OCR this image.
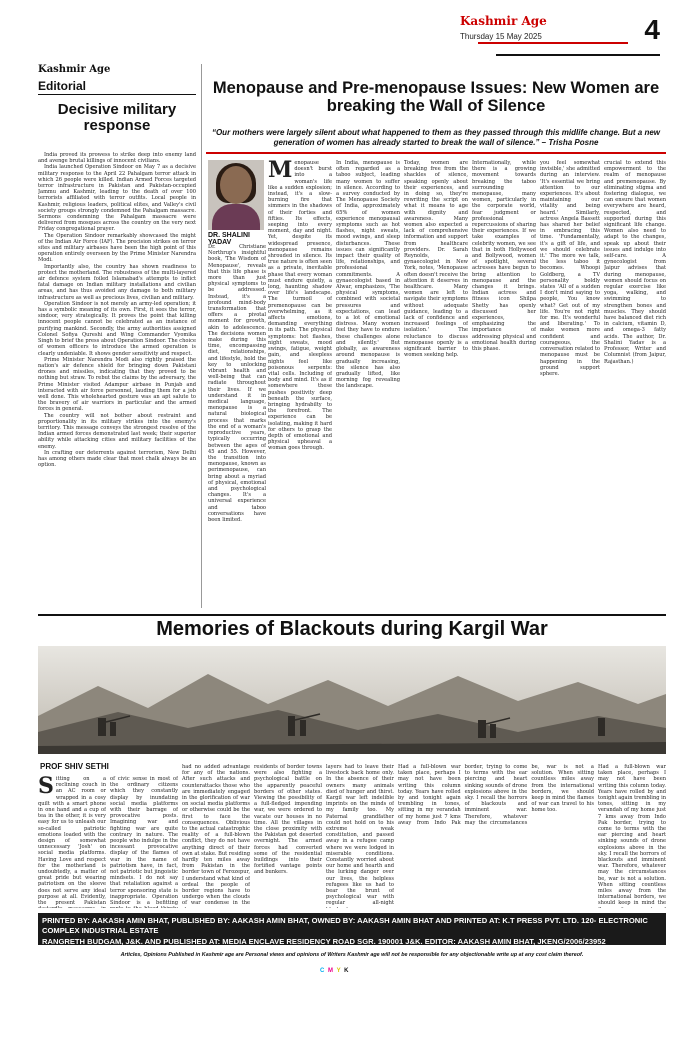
Kashmir Age
Thursday 15 May 2025	4
Kashmir Age
Editorial
Decisive military response

India proved its prowess to strike deep into enemy land and avenge brutal killings of innocent civilians.

India launched Operation Sindoor on May 7 as a decisive military response to the April 22 Pahalgam terror attack in which 26 people were killed. Indian Armed Forces targeted terror infrastructure in Pakistan and Pakistan-occupied Jammu and Kashmir, leading to the death of over 100 terrorists affiliated with terror outfits. Local people in Kashmir, religious leaders, political elites, and Valley's civil society groups strongly condemned the Pahalgam massacre. Sermons condemning the Pahalgam massacre were delivered from mosques across the country on the very next Friday congregational prayer.

The Operation Sindoor remarkably showcased the might of the Indian Air Force (IAF). The precision strikes on terror sites and military airbases have been the high point of this operation entirely overseen by the Prime Minister Narendra Modi.

Importantly also, the country has shown readiness to protect the motherland. The robustness of the multi-layered air defence system foiled Islamabad's attempts to inflict fatal damage on Indian military installations and civilian areas, and has thus avoided any damage to both military infrastructure as well as precious lives, civilian and military.

Operation Sindoor is not merely an army-led operation; it has a symbolic meaning of its own. First, it sees the terror, sindoor, very strategically. It proves the point that killing innocent people cannot be celebrated as an instance of purifying mankind. Secondly, the army authorities assigned Colonel Sofiya Qureshi and Wing Commander Vyomika Singh to brief the press about Operation Sindoor. The choice of women officers to introduce the armed operation is clearly undeniable. It shows gender sensitivity and respect.

Prime Minister Narendra Modi also rightly praised the nation's air defence shield for bringing down Pakistani drones and missiles, indicating that they proved to be nothing but straw. To rebut the claims by the adversary, the Prime Minister visited Adampur airbase in Punjab and interacted with air force personnel, lauding them for a job well done. This wholehearted gesture was an apt salute to the bravery of air warriors in particular and the armed forces in general.

The country will not bother about restraint and proportionality in its military strikes into the enemy's territory. This message conveys the strongest resolve of the Indian armed forces demonstrated last week; their superior ability while attacking cities and military facilities of the enemy.

In crafting our deterrents against terrorism, New Delhi has among others made clear that most chalk always be an option.

Menopause and Pre-menopause Issues: New Women are breaking the Wall of Silence
“Our mothers were largely silent about what happened to them as they passed through this midlife change. But a new generation of women has already started to break the wall of silence.” – Trisha Posne
DR. SHALINI YADAV
Menopause doesn't burst into a woman's life like a sudden explosion; instead, it's a slow-burning fire that simmers in the shadows of their forties and fifties. Its effects, seeping into every moment, day and night. Yet, despite its widespread presence, menopause remains shrouded in silence. Its true nature is often seen as a private, inevitable phase that every woman must endure quietly, a long, haunting shadow over life's landscape. The turmoil of premenopause can be overwhelming, as it affects emotions, demanding everything in its path. The physical symptoms: hot flashes, night sweats, mood swings, fatigue, weight gain, and sleepless nights feel like poisonous serpents: vital cells. Including of body and mind. It's as if somewhere these pushes positivity deep beneath the surface, bringing hydrabilty to the forefront. The experience can be isolating, making it hard for others to grasp the depth of emotional and physical upheaval a woman goes through.
Dr. Christiane Northrup's insightful book, 'The Wisdom of Menopause', reveals that this life phase is more than just physical symptoms to be addressed. Instead, it's a profound mind-body transformation that offers a pivotal moment for growth, akin to adolescence. The decisions women make during this time, encompassing diet, relationships, and lifestyle, hold the key to unlocking vibrant health and well-being that can radiate throughout their lives. If we understand it in medical language, menopause is a natural biological process that marks the end of a woman's reproductive years, typically occurring between the ages of 45 and 55. However, the transition into menopause, known as perimenopause, can bring about a myriad of physical, emotional and psychological changes. It's a universal experience and taboo conversations have been limited.
In India, menopause is often regarded as a taboo subject, leading many women to suffer in silence. According to a survey conducted by The Menopause Society of India, approximately 65% of women experience menopausal symptoms such as hot flashes, night sweats, mood swings, and sleep disturbances. These issues can significantly impact their quality of life, relationships, and professional commitments. A gynaecologist based in Alwar, emphasizes, 'The physical symptoms, combined with societal pressures and expectations, can lead to a lot of emotional distress. Many women feel they have to endure these challenges alone and silently.' But globally, as awareness around menopause is gradually increasing, the silence has also gradually lifted, like morning fog revealing the landscape.
Today, women are breaking free from the shackles of silence, speaking openly about their experiences, and in doing so, they're rewriting the script on what it means to age with dignity and awareness. Many women also expected a lack of comprehensive information and support from healthcare providers. Dr. Sarah Reynolds, a gynaecologist in New York, notes, 'Menopause often doesn't receive the attention it deserves in healthcare. Many women are left to navigate their symptoms without adequate guidance, leading to a lack of confidence and increased feelings of isolation.' The reluctance to discuss menopause openly is a significant barrier to women seeking help.
Internationally, while there is a growing movement towards breaking the taboo surrounding menopause, many women, particularly in the corporate world, fear judgment or professional repercussions of sharing their experiences. If we take examples of celebrity women, we see that in both Hollywood and Bollywood, women of spotlight, several actresses have begun to bring attention to menopause and the changes it brings. Indian actress and fitness icon Shilpa Shetty has openly discussed her experiences, emphasizing the importance of addressing physical and emotional health during this phase.
you feel somewhat invisible,' she admitted during an interview. 'It's essential we bring attention to our experiences. It's about maintaining our vitality and being heard.' Similarly, actress Angela Bassett has shared her belief in embracing this time. 'Fundamentally, it's a gift of life, and we should celebrate it.' The more we talk, the less taboo it becomes. Whoopi Goldberg, a TV personality boldly states 'All of a sudden I don't mind saying to people, You know what? Get out of my life. You're not right for me. It's wonderful and liberating.' To make women more confident and courageous, the conversation related to menopause must be happening in the ground support sphere.
crucial to extend this empowerment to the realm of menopause and premenopause. By eliminating stigma and fostering dialogue, we can ensure that women everywhere are heard, respected, and supported during this significant life change. Women also need to adapt to the changes, speak up about their issues and indulge into self-care. A gynecologist from Jaipur advises that during menopause, women should focus on regular exercise like yoga, walking, and swimming to strengthen bones and muscles. They should have balanced diet rich in calcium, vitamin D, and omega-3 fatty acids. The author, Dr. Shalini Yadav is a Professor, Writer and Columnist (from Jaipur, Rajasthan.)
Memories of Blackouts during Kargil War
PROF SHIV SETHI
Sitting on a reclining couch in an AC room or wrapped in a cosy quilt with a smart phone in one hand and a cup of tea in the other, it is very easy for us to unleash our so-called patriotic emotions loaded with the design of somewhat unnecessary 'Josh' on social media platforms. Having Love and respect for the motherland is undoubtedly, a matter of great pride but wearing patriotism on the sleeve does not serve any ideal purpose at all. Evidently, the present Pakistan
of civic sense in most of the ordinary citizens which they constantly display by inundating social media platforms with their barrage of provocative posts. Imagining war and fighting war are quite contrary in nature. The people who indulge in the incessant provocative display of the flames of war in the name of patriotism have, in fact, not patriotic but jingoistic mindsets. I do not say that retaliation against a terror sponsoring state is inappropriate. Operation Sindoor is a befitting
had no added advantage for any of the nations. After such attacks and counterattacks those who are immediately engaged in the glorification of war on social media platforms or otherwise could be the first to face the consequences. Oblivious to the actual catastrophic reality of a full-blown conflict, they do not have anything direct of their own at stake. But residing hardly ten miles away from Pakistan in the border town of Ferozepur, I understand what kind of ordeal the people of border regions have to undergo when the clouds of war condense in the
residents of border towns were also fighting a psychological battle on the apparently peaceful borders of other states. Viewing the possibility of a full-fledged impending war, we were ordered to vacate our houses in no time. All the villages in the close proximity with the Pakistan got deserted overnight. The armed forces had converted some of the residential buildings into their fortified vantage points and bunkers.
layers had to leave their livestock back home only. In the absence of their owners many animals died of hunger and thirst. Kargil war left indelible imprints on the minds of my family too. My Paternal grandfather could not hold on to his extreme weak constitution, and passed away in a refugee camp where we were lodged in miserable conditions. Constantly worried about our home and hearth and the lurking danger over our lives, the helpless refugees like us had to bear the brunt of psychological war with regular all-night
Had a full-blown war taken place, perhaps I may not have been writing this column today. Years have rolled by and tonight again trembling in tones, sitting in my verandah of my home just 7 kms away from Indo Pak border, trying to come to terms with the ear piercing and heart sinking sounds of drone explosions above in the sky. I recall the horrors of blackouts and imminent war. Therefore, whatever may the circumstances be, war is not a solution. When sitting countless miles away from the international borders, we should keep in mind the flames of war can travel to his home too.
Had a full-blown war taken place, perhaps I may not have been writing this column today. Years have rolled by and tonight again trembling in tones, sitting in my verandah of my home just 7 kms away from Indo Pak border, trying to come to terms with the ear piercing and heart sinking sounds of drone explosions above in the sky. I recall the horrors of blackouts and imminent war. Therefore, whatever may the circumstances be, war is not a solution. When sitting countless miles away from the international borders, we should keep in mind the
PRINTED BY: AAKASH AMIN BHAT, PUBLISHED BY: AAKASH AMIN BHAT, OWNED BY: AAKASH AMIN BHAT AND PRINTED AT: K.T PRESS PVT. LTD. 120- ELECTRONIC COMPLEX INDUSTRIAL ESTATE
RANGRETH BUDGAM, J&K. AND PUBLISHED AT: MEDIA ENCLAVE RESIDENCY ROAD SGR. 190001 J&K. EDITOR: AAKASH AMIN BHAT, JKENG/2006/23952
Articles, Opinions Published in Kashmir age are Personal views and opinions of Writers Kashmir age will not be responsible for any objectionable write up at any cost claim thereof.
C M Y K
